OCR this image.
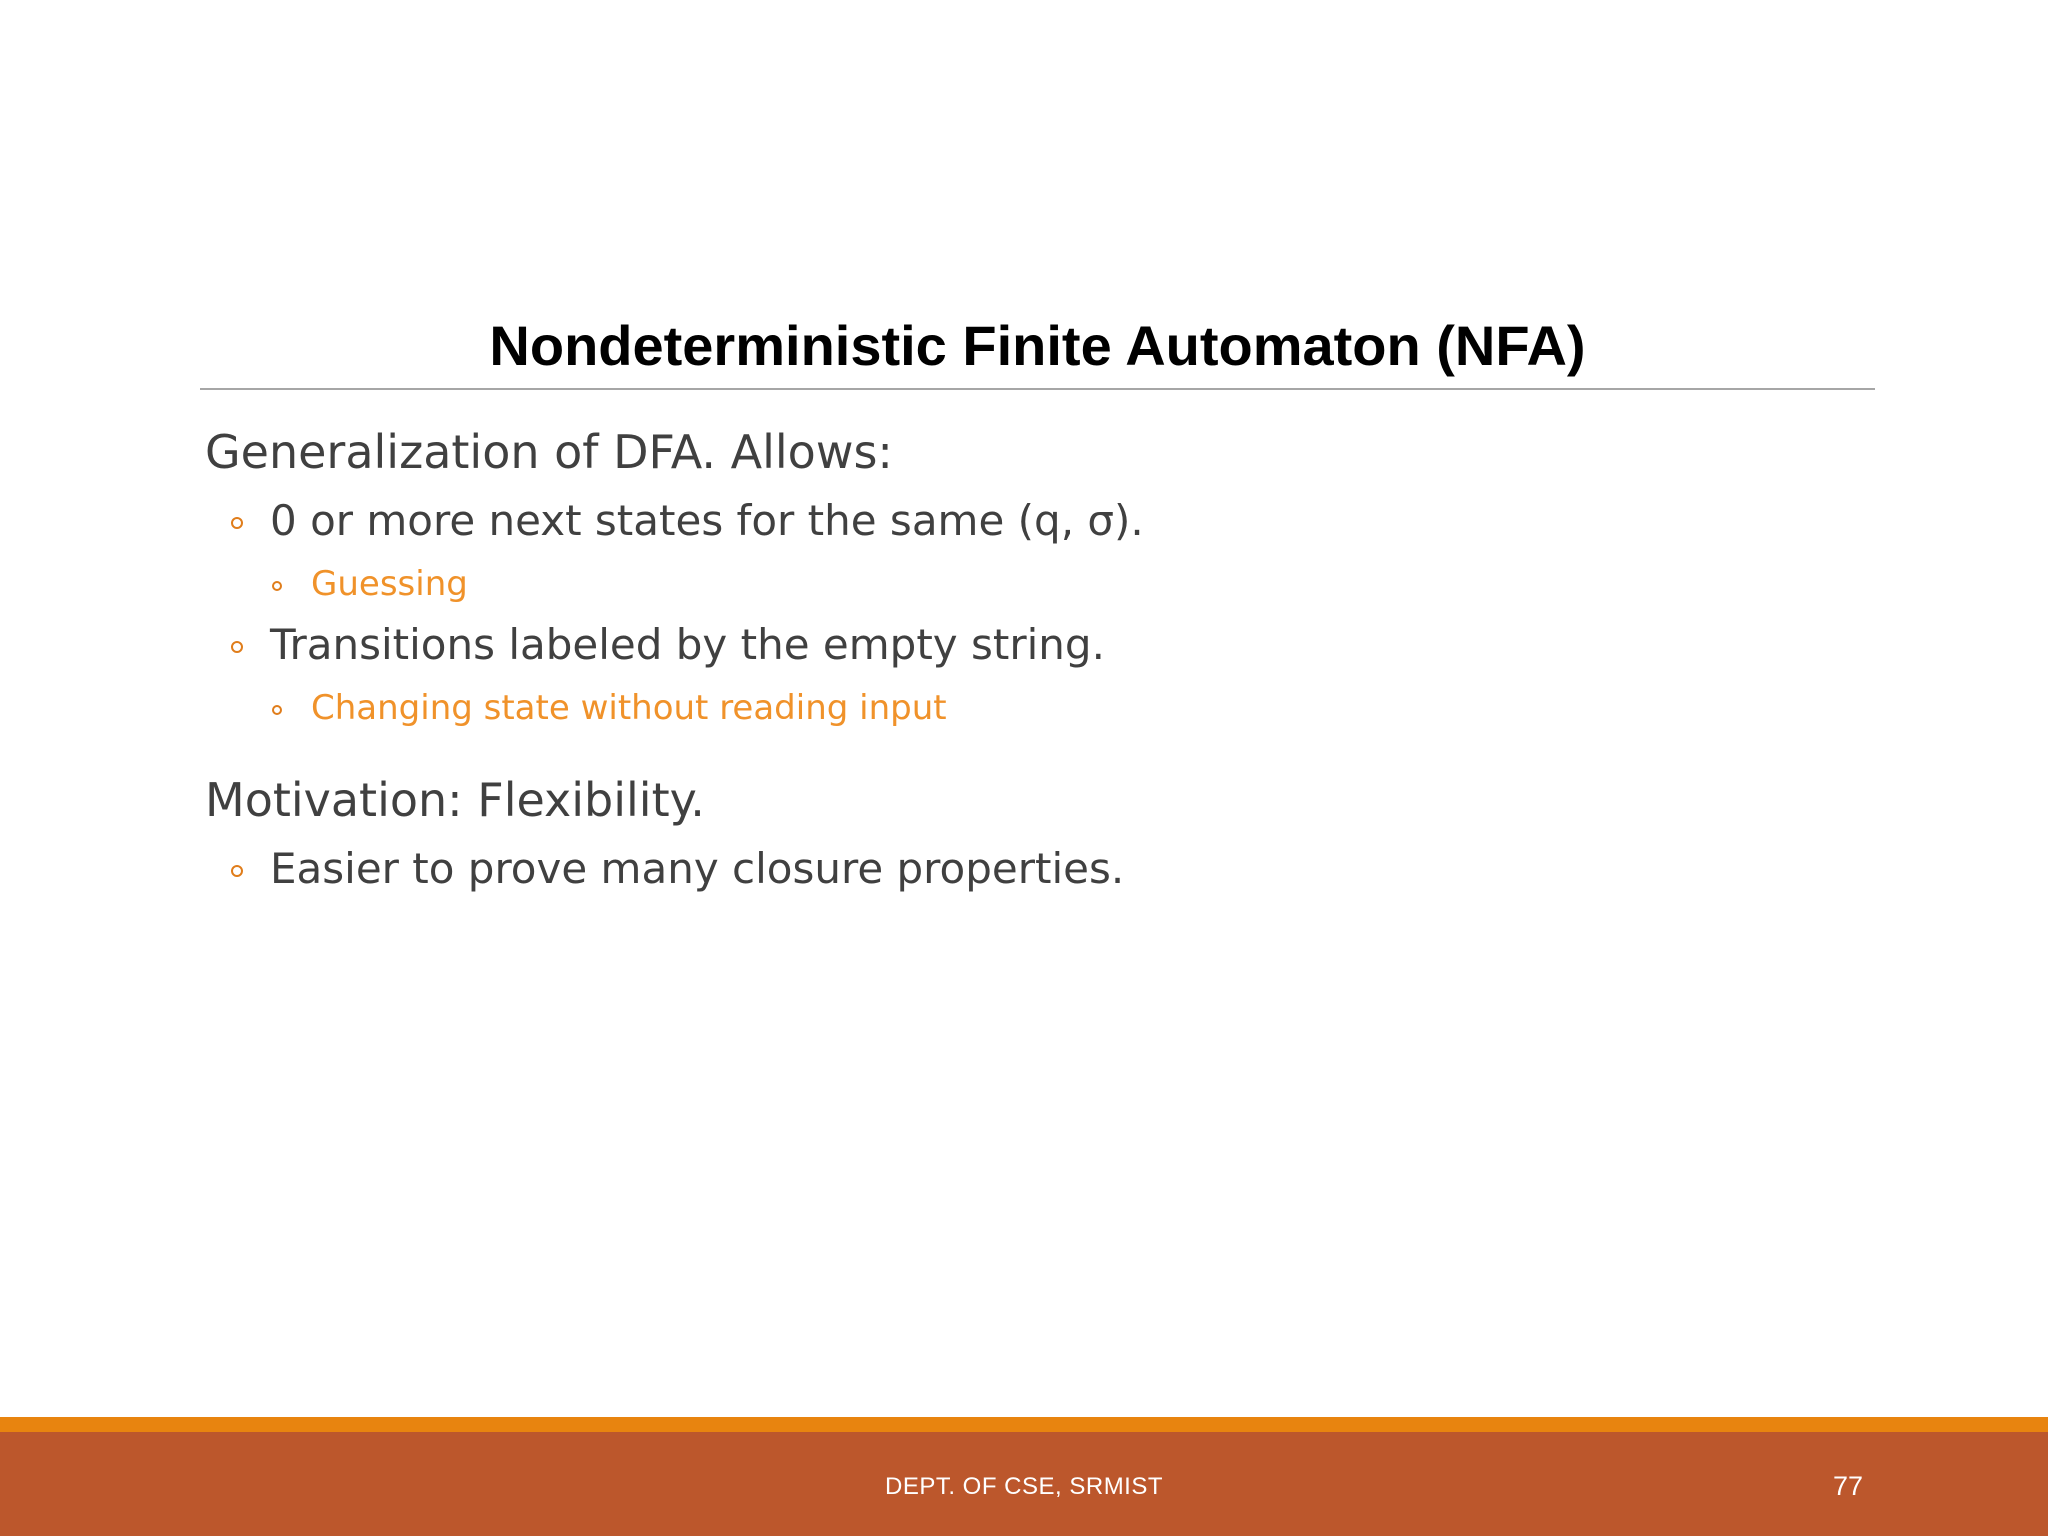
Nondeterministic Finite Automaton (NFA)
Generalization of DFA. Allows:
0 or more next states for the same (q, σ).
Guessing
Transitions labeled by the empty string.
Changing state without reading input
Motivation: Flexibility.
Easier to prove many closure properties.
DEPT. OF CSE, SRMIST	77
